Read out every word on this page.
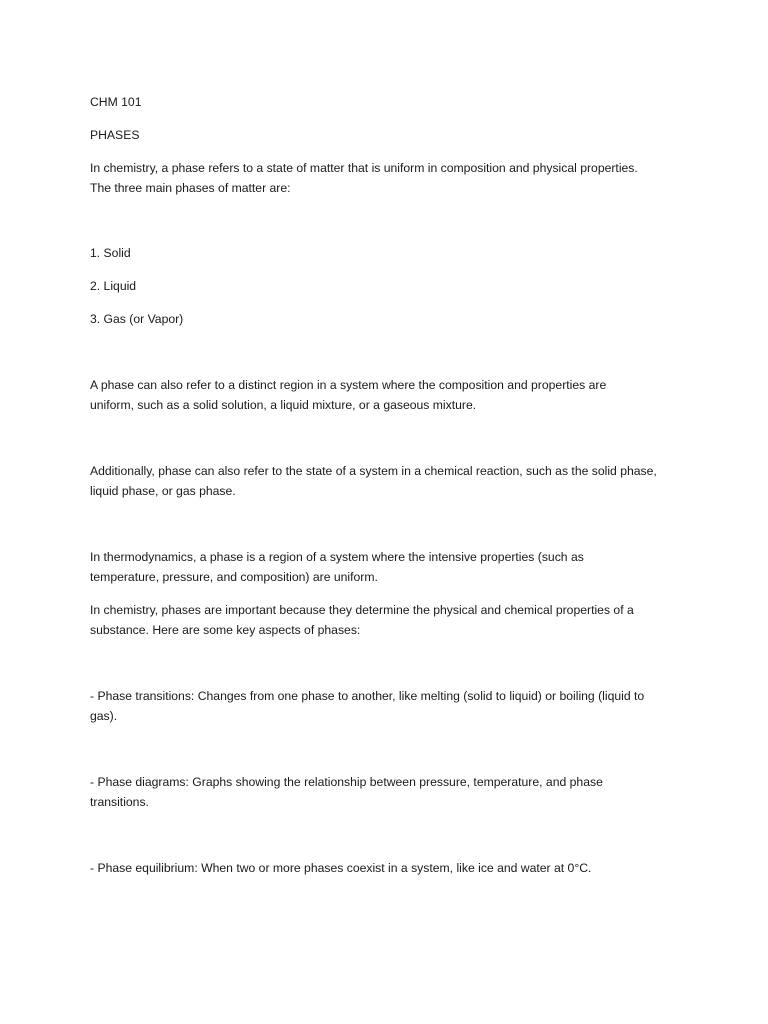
CHM 101

PHASES

In chemistry, a phase refers to a state of matter that is uniform in composition and physical properties.

The three main phases of matter are:

1. Solid

2. Liquid

3. Gas (or Vapor)

A phase can also refer to a distinct region in a system where the composition and properties are

uniform, such as a solid solution, a liquid mixture, or a gaseous mixture.

Additionally, phase can also refer to the state of a system in a chemical reaction, such as the solid phase,

liquid phase, or gas phase.

In thermodynamics, a phase is a region of a system where the intensive properties (such as

temperature, pressure, and composition) are uniform.

In chemistry, phases are important because they determine the physical and chemical properties of a

substance. Here are some key aspects of phases:

- Phase transitions: Changes from one phase to another, like melting (solid to liquid) or boiling (liquid to

gas).

- Phase diagrams: Graphs showing the relationship between pressure, temperature, and phase

transitions.

- Phase equilibrium: When two or more phases coexist in a system, like ice and water at 0°C.
